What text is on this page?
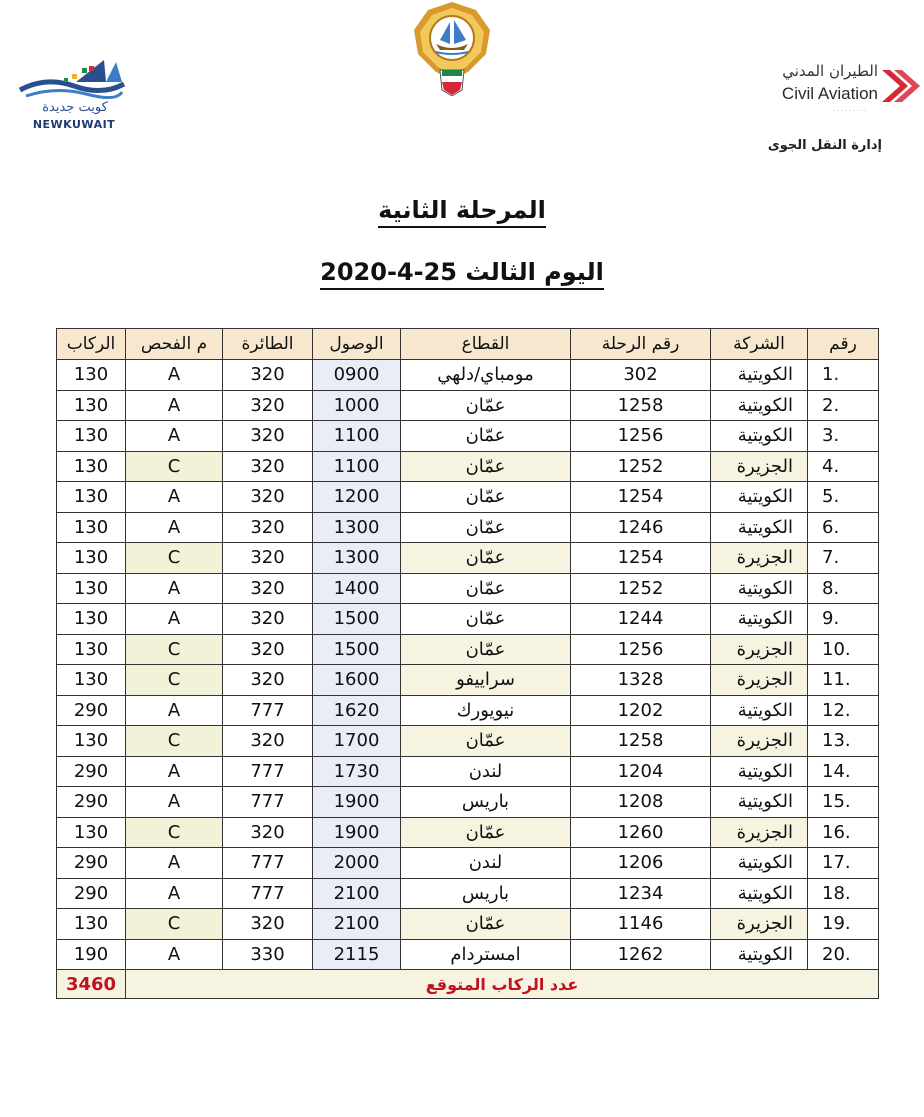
كويت جديدة
NEWKUWAIT
الطيران المدني
Civil Aviation
· · · · · · · · ·
إدارة النقل الجوى
المرحلة الثانية
اليوم الثالث 25-4-2020
رقم	الشركة	رقم الرحلة	القطاع	الوصول	الطائرة	م الفحص	الركاب
1.	الكويتية	302	مومباي/دلهي	0900	320	A	130
2.	الكويتية	1258	عمّان	1000	320	A	130
3.	الكويتية	1256	عمّان	1100	320	A	130
4.	الجزيرة	1252	عمّان	1100	320	C	130
5.	الكويتية	1254	عمّان	1200	320	A	130
6.	الكويتية	1246	عمّان	1300	320	A	130
7.	الجزيرة	1254	عمّان	1300	320	C	130
8.	الكويتية	1252	عمّان	1400	320	A	130
9.	الكويتية	1244	عمّان	1500	320	A	130
10.	الجزيرة	1256	عمّان	1500	320	C	130
11.	الجزيرة	1328	سراييفو	1600	320	C	130
12.	الكويتية	1202	نيويورك	1620	777	A	290
13.	الجزيرة	1258	عمّان	1700	320	C	130
14.	الكويتية	1204	لندن	1730	777	A	290
15.	الكويتية	1208	باريس	1900	777	A	290
16.	الجزيرة	1260	عمّان	1900	320	C	130
17.	الكويتية	1206	لندن	2000	777	A	290
18.	الكويتية	1234	باريس	2100	777	A	290
19.	الجزيرة	1146	عمّان	2100	320	C	130
20.	الكويتية	1262	امستردام	2115	330	A	190
عدد الركاب المتوقع							3460
